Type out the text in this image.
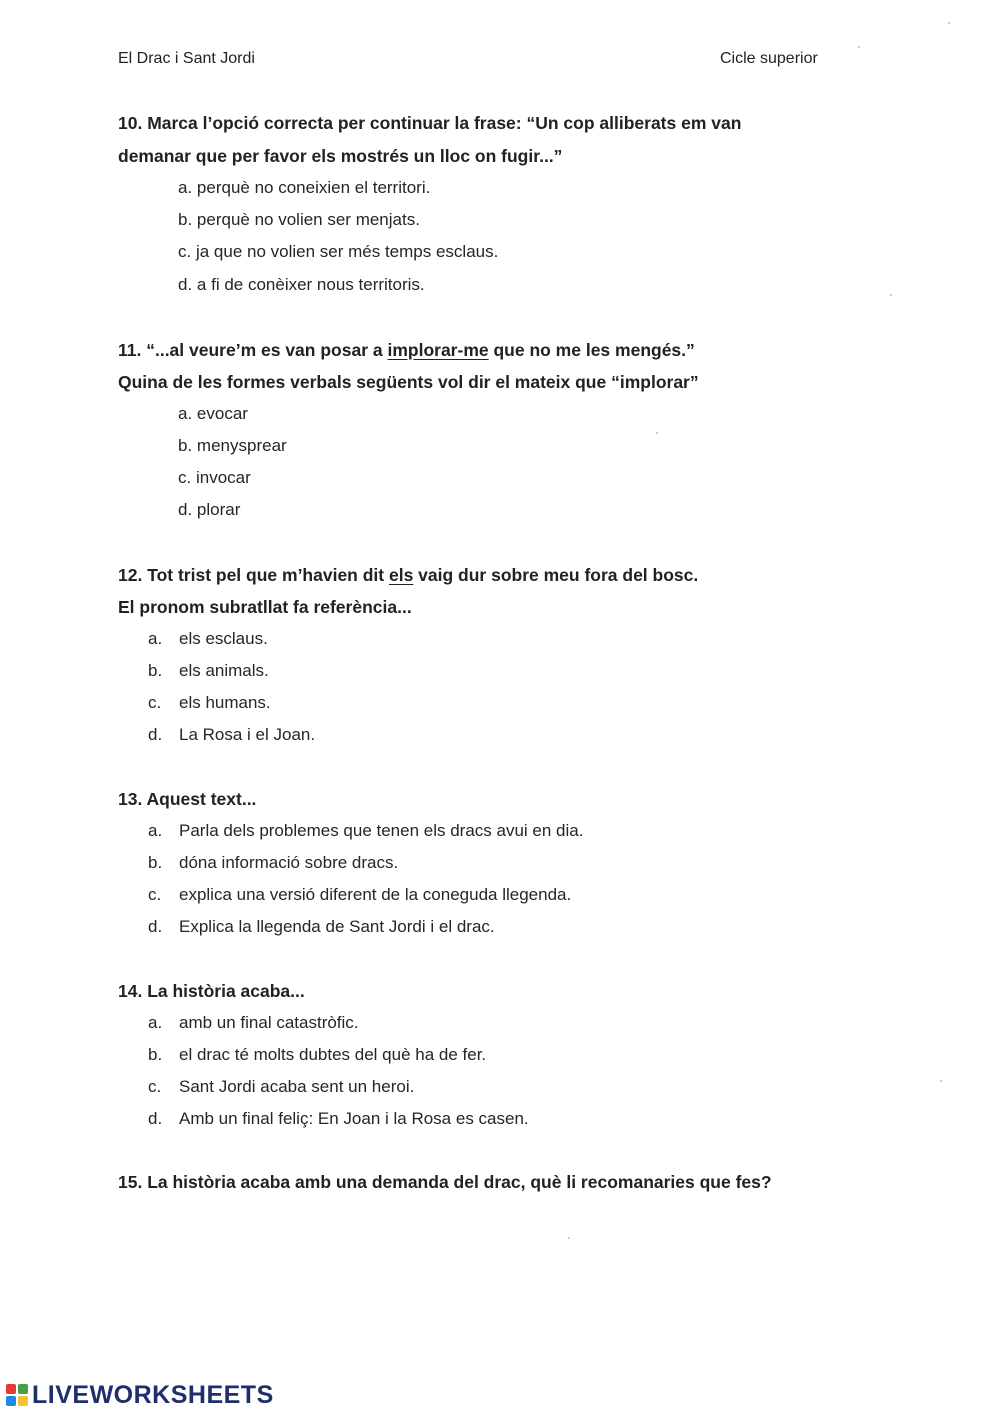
El Drac i Sant Jordi	Cicle superior
10. Marca l’opció correcta per continuar la frase: “Un cop alliberats em van
demanar que per favor els mostrés un lloc on fugir...”
a. perquè no coneixien el territori.
b. perquè no volien ser menjats.
c. ja que no volien ser més temps esclaus.
d. a fi de conèixer nous territoris.
11. “...al veure’m es van posar a implorar-me que no me les mengés.”
Quina de les formes verbals següents vol dir el mateix que “implorar”
a. evocar
b. menysprear
c. invocar
d. plorar
12. Tot trist pel que m’havien dit els vaig dur sobre meu fora del bosc.
El pronom subratllat fa referència...
a. els esclaus.
b. els animals.
c. els humans.
d. La Rosa i el Joan.
13. Aquest text...
a. Parla dels problemes que tenen els dracs avui en dia.
b. dóna informació sobre dracs.
c. explica una versió diferent de la coneguda llegenda.
d. Explica la llegenda de Sant Jordi i el drac.
14. La història acaba...
a. amb un final catastròfic.
b. el drac té molts dubtes del què ha de fer.
c. Sant Jordi acaba sent un heroi.
d. Amb un final feliç: En Joan i la Rosa es casen.
15. La història acaba amb una demanda del drac, què li recomanaries que fes?
LIVEWORKSHEETS
